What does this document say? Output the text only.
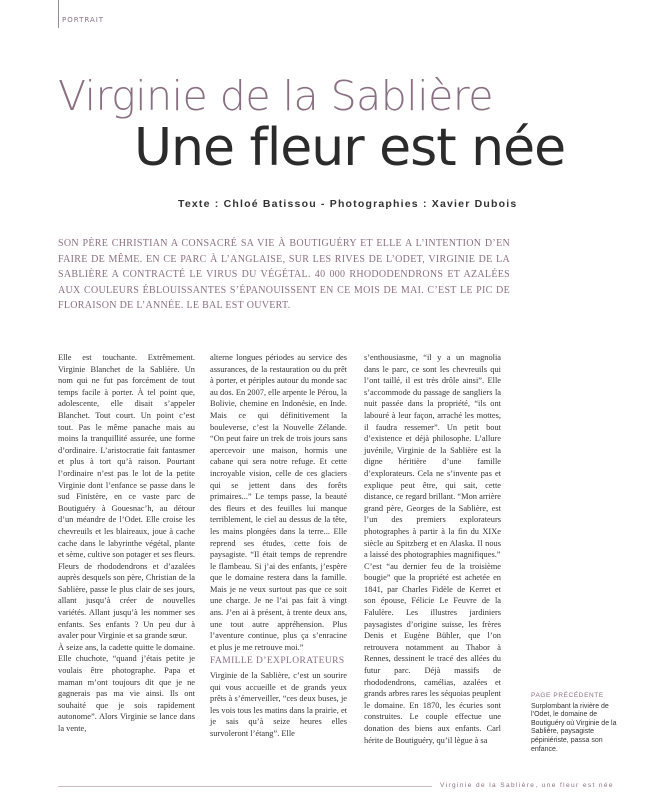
PORTRAIT
Virginie de la Sablière
Une fleur est née
Texte : Chloé Batissou - Photographies : Xavier Dubois
SON PÈRE CHRISTIAN A CONSACRÉ SA VIE À BOUTIGUÉRY ET ELLE A L’INTENTION D’EN FAIRE DE MÊME. EN CE PARC À L’ANGLAISE, SUR LES RIVES DE L’ODET, VIRGINIE DE LA SABLIÈRE A CONTRACTÉ LE VIRUS DU VÉGÉTAL. 40 000 RHODODENDRONS ET AZALÉES AUX COULEURS ÉBLOUISSANTES S’ÉPANOUISSENT EN CE MOIS DE MAI. C’EST LE PIC DE FLORAISON DE L’ANNÉE. LE BAL EST OUVERT.

Elle est touchante. Extrêmement. Virginie Blanchet de la Sablière. Un nom qui ne fut pas forcément de tout temps facile à porter. À tel point que, adolescente, elle disait s’appeler Blanchet. Tout court. Un point c’est tout. Pas le même panache mais au moins la tranquillité assurée, une forme d’ordinaire. L’aristocratie fait fantasmer et plus à tort qu’à raison. Pourtant l’ordinaire n’est pas le lot de la petite Virginie dont l’enfance se passe dans le sud Finistère, en ce vaste parc de Boutiguéry à Gouesnac’h, au détour d’un méandre de l’Odet. Elle croise les chevreuils et les blaireaux, joue à cache cache dans le labyrinthe végétal, plante et sème, cultive son potager et ses fleurs. Fleurs de rhododendrons et d’azalées auprès desquels son père, Christian de la Sablière, passe le plus clair de ses jours, allant jusqu’à créer de nouvelles variétés. Allant jusqu’à les nommer ses enfants. Ses enfants ? Un peu dur à avaler pour Virginie et sa grande sœur.

À seize ans, la cadette quitte le domaine. Elle chuchote, “quand j’étais petite je voulais être photographe. Papa et maman m’ont toujours dit que je ne gagnerais pas ma vie ainsi. Ils ont souhaité que je sois rapidement autonome”. Alors Virginie se lance dans la vente,

alterne longues périodes au service des assurances, de la restauration ou du prêt à porter, et périples autour du monde sac au dos. En 2007, elle arpente le Pérou, la Bolivie, chemine en Indonésie, en Inde. Mais ce qui définitivement la bouleverse, c’est la Nouvelle Zélande. “On peut faire un trek de trois jours sans apercevoir une maison, hormis une cabane qui sera notre refuge. Et cette incroyable vision, celle de ces glaciers qui se jettent dans des forêts primaires...” Le temps passe, la beauté des fleurs et des feuilles lui manque terriblement, le ciel au dessus de la tête, les mains plongées dans la terre... Elle reprend ses études, cette fois de paysagiste. “Il était temps de reprendre le flambeau. Si j’ai des enfants, j’espère que le domaine restera dans la famille. Mais je ne veux surtout pas que ce soit une charge. Je ne l’ai pas fait à vingt ans. J’en ai à présent, à trente deux ans, une tout autre appréhension. Plus l’aventure continue, plus ça s’enracine et plus je me retrouve moi.”

FAMILLE D’EXPLORATEURS

Virginie de la Sablière, c’est un sourire qui vous accueille et de grands yeux prêts à s’émerveiller, “ces deux buses, je les vois tous les matins dans la prairie, et je sais qu’à seize heures elles survoleront l’étang”. Elle

s’enthousiasme, “il y a un magnolia dans le parc, ce sont les chevreuils qui l’ont taillé, il est très drôle ainsi”. Elle s’accommode du passage de sangliers la nuit passée dans la propriété, “ils ont labouré à leur façon, arraché les mottes, il faudra ressemer”. Un petit bout d’existence et déjà philosophe. L’allure juvénile, Virginie de la Sablière est la digne héritière d’une famille d’explorateurs. Cela ne s’invente pas et explique peut être, qui sait, cette distance, ce regard brillant. “Mon arrière grand père, Georges de la Sablière, est l’un des premiers explorateurs photographes à partir à la fin du XIXe siècle au Spitzberg et en Alaska. Il nous a laissé des photographies magnifiques.”

C’est “au dernier feu de la troisième bougie” que la propriété est achetée en 1841, par Charles Fidèle de Kerret et son épouse, Félicie Le Feuvre de la Falulère. Les illustres jardiniers paysagistes d’origine suisse, les frères Denis et Eugène Bühler, que l’on retrouvera notamment au Thabor à Rennes, dessinent le tracé des allées du futur parc. Déjà massifs de rhododendrons, camélias, azalées et grands arbres rares les séquoias peuplent le domaine. En 1870, les écuries sont construites. Le couple effectue une donation des biens aux enfants. Carl hérite de Boutiguéry, qu’il lègue à sa

PAGE PRÉCÉDENTE
Surplombant la rivière de l’Odet, le domaine de Boutiguéry où Virginie de la Sablière, paysagiste pépiniériste, passa son enfance.
Virginie de la Sablière, une fleur est née
